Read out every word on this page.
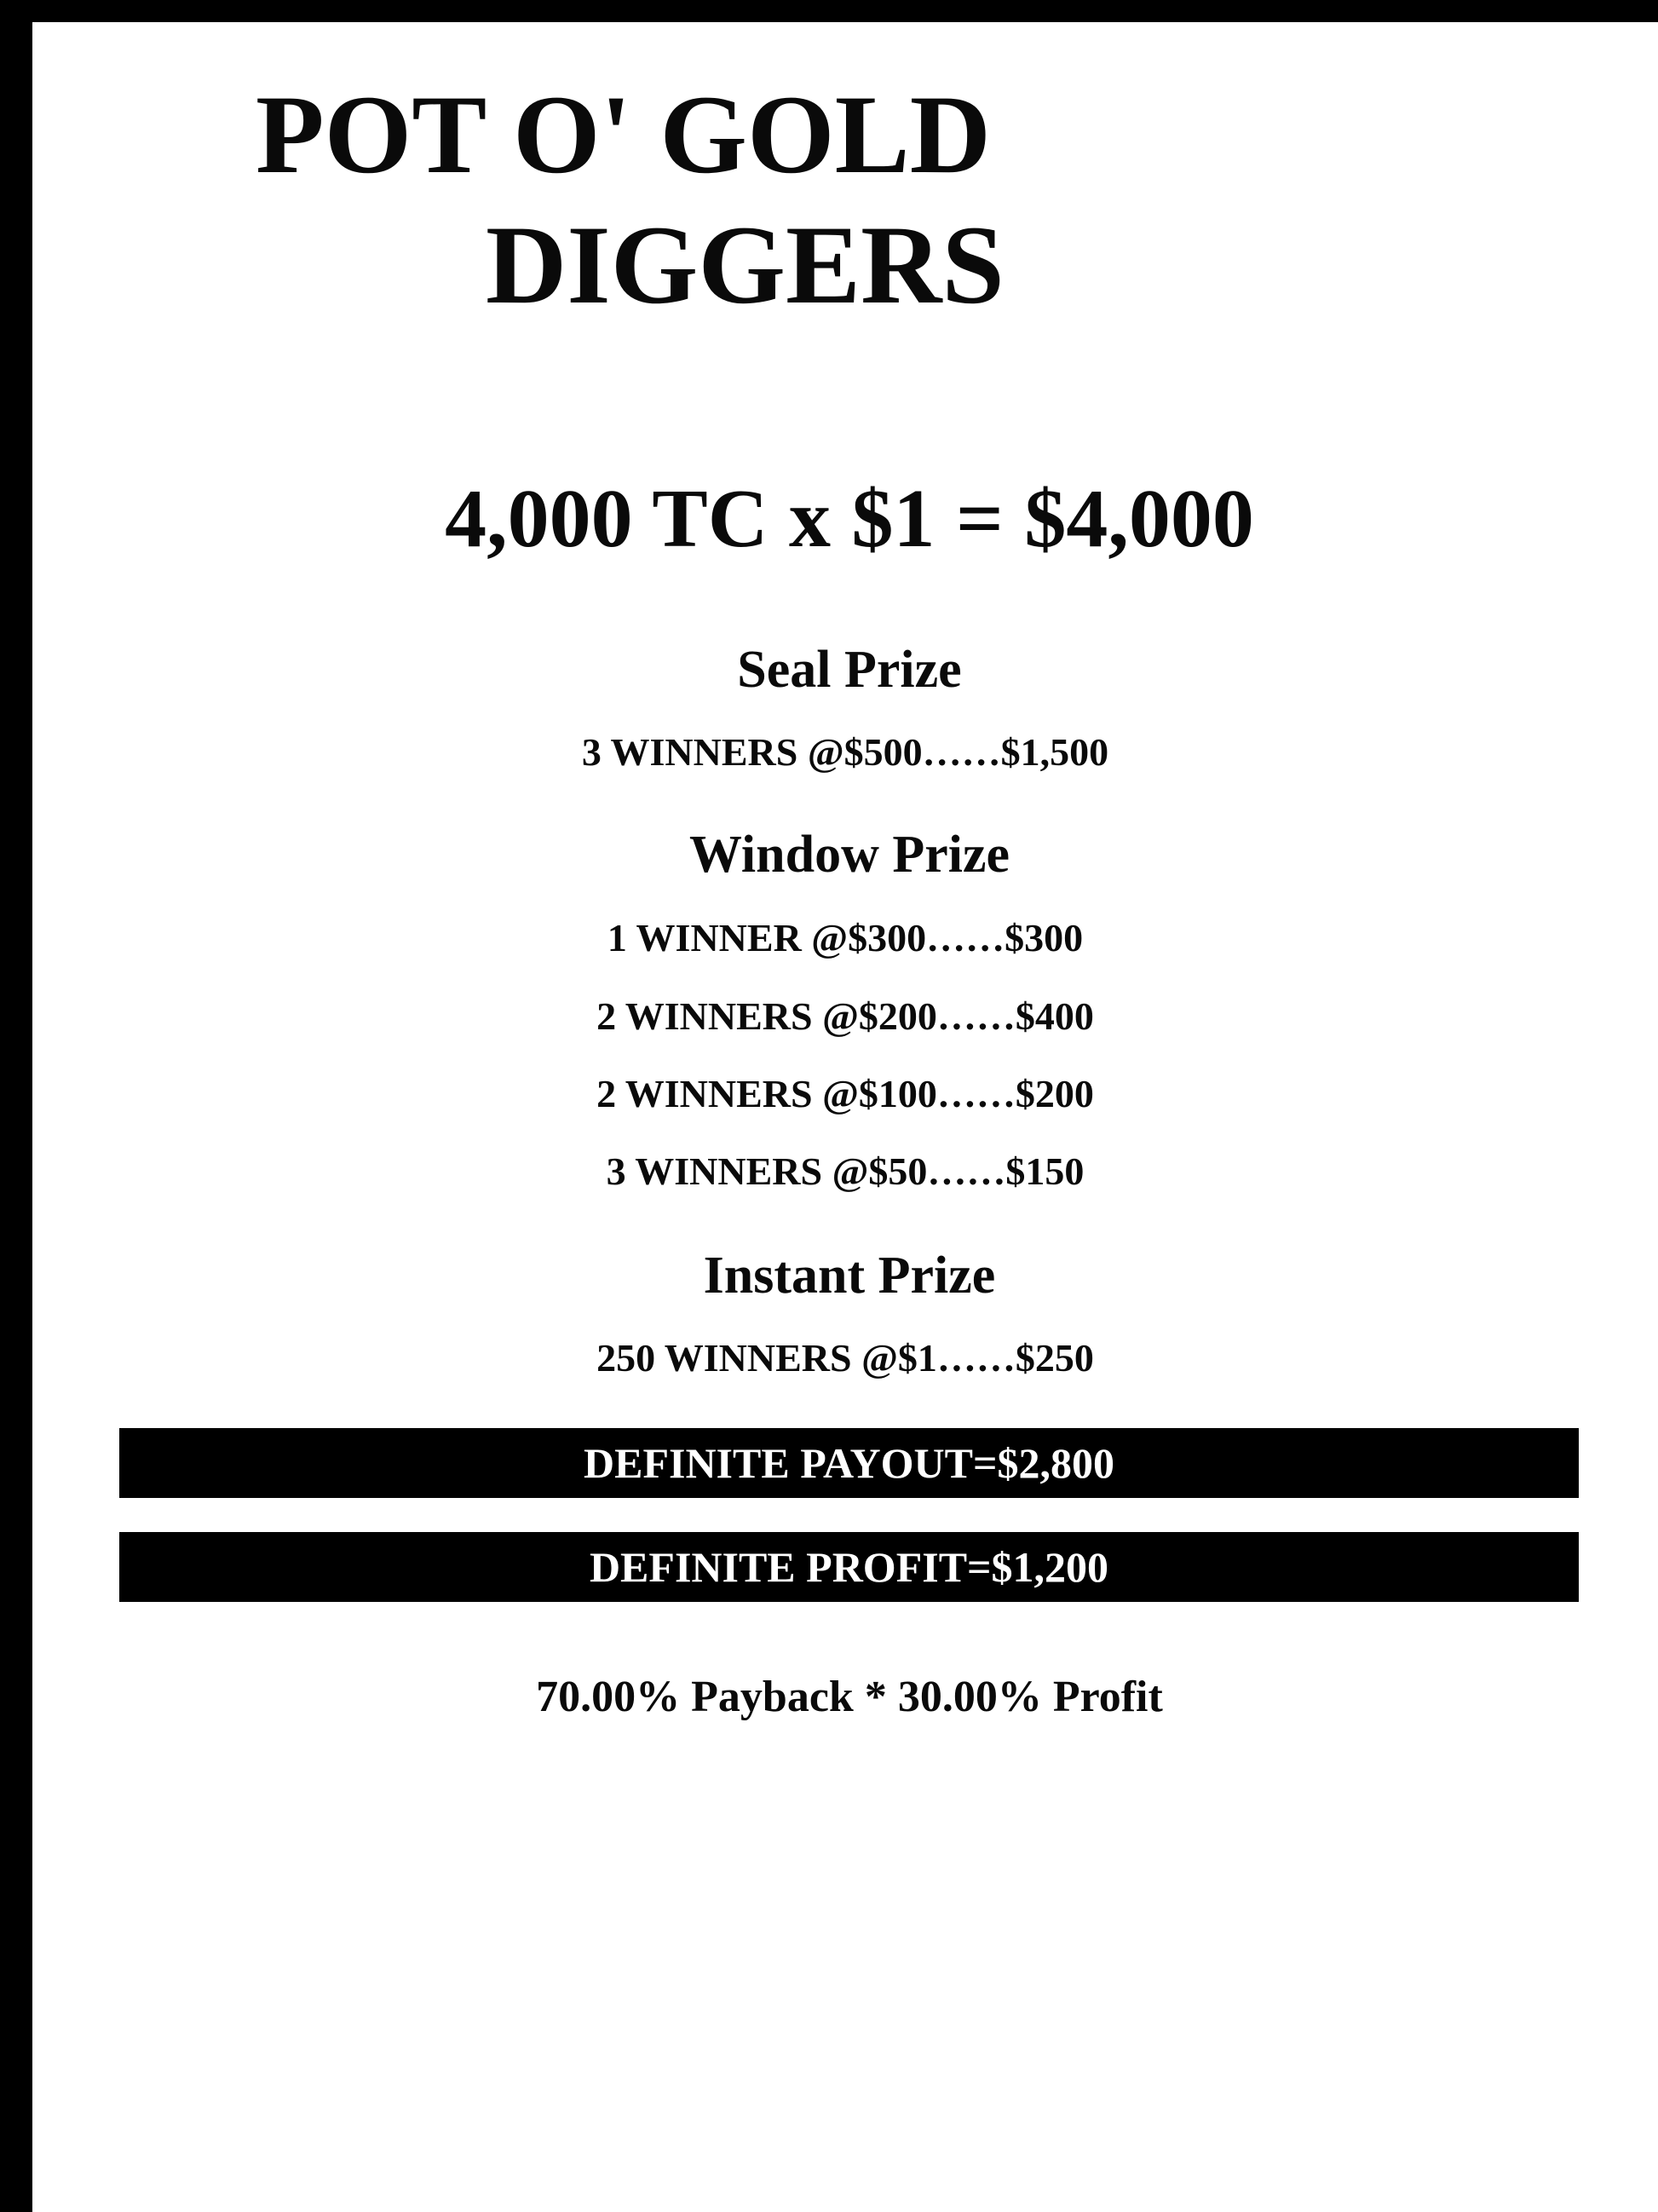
POT O' GOLD
DIGGERS
4,000 TC x $1 = $4,000
Seal Prize
3 WINNERS @$500……$1,500
Window Prize
1 WINNER @$300……$300
2 WINNERS @$200……$400
2 WINNERS @$100……$200
3 WINNERS @$50……$150
Instant Prize
250 WINNERS @$1……$250
DEFINITE PAYOUT=$2,800
DEFINITE PROFIT=$1,200
70.00% Payback * 30.00% Profit
